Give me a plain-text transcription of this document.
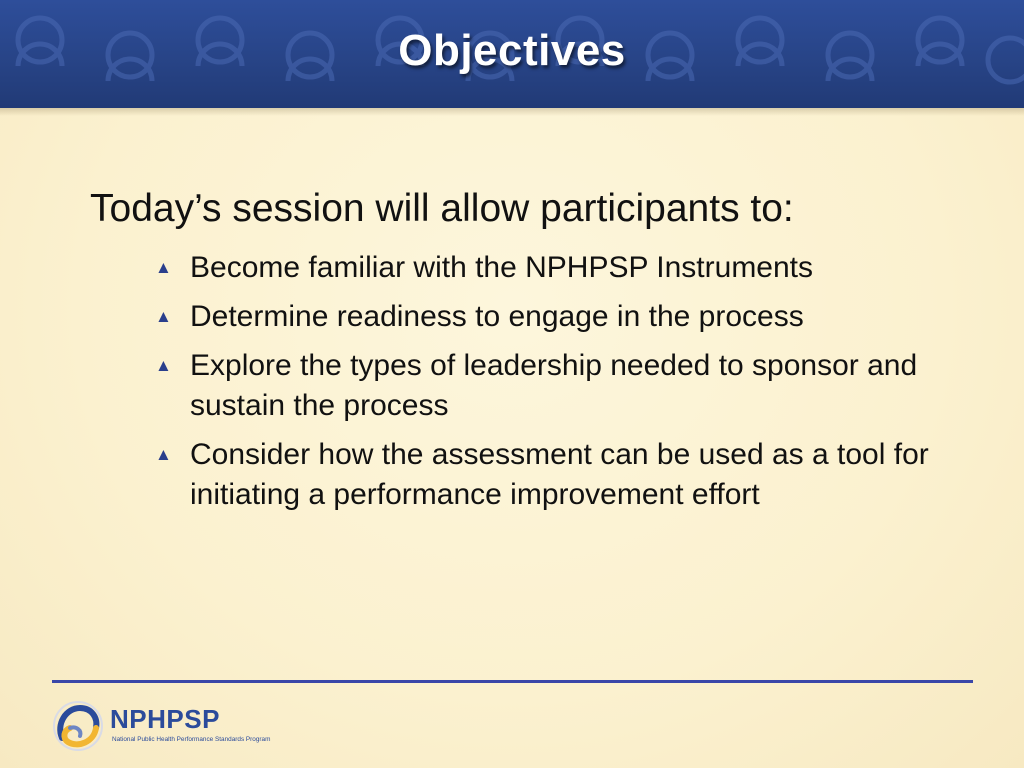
Objectives
Today’s session will allow participants to:
▲ Become familiar with the NPHPSP Instruments
▲ Determine readiness to engage in the process
▲ Explore the types of leadership needed to sponsor and sustain the process
▲ Consider how the assessment can be used as a tool for initiating a performance improvement effort
NPHPSP
National Public Health Performance Standards Program
